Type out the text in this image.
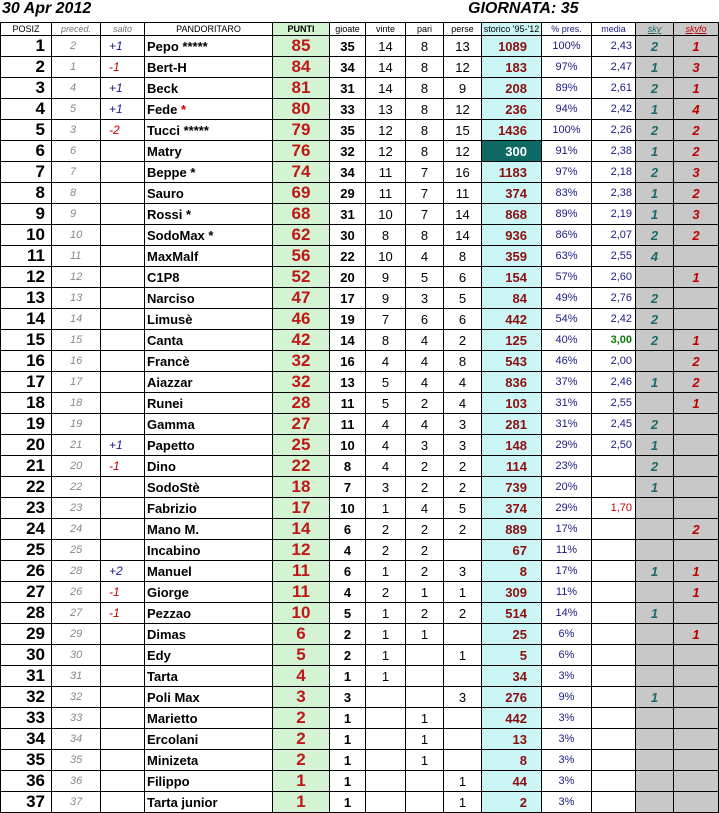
30 Apr 2012	GIORNATA: 35
POSIZ	preced.	salto	PANDORITARO	PUNTI	gioate	vinte	pari	perse	storico '95-'12	% pres.	media	sky	skyfo
1	2	+1	Pepo *****	85	35	14	8	13	1089	100%	2,43	2	1
2	1	-1	Bert-H	84	34	14	8	12	183	97%	2,47	1	3
3	4	+1	Beck	81	31	14	8	9	208	89%	2,61	2	1
4	5	+1	Fede *	80	33	13	8	12	236	94%	2,42	1	4
5	3	-2	Tucci *****	79	35	12	8	15	1436	100%	2,26	2	2
6	6		Matry	76	32	12	8	12	300	91%	2,38	1	2
7	7		Beppe *	74	34	11	7	16	1183	97%	2,18	2	3
8	8		Sauro	69	29	11	7	11	374	83%	2,38	1	2
9	9		Rossi *	68	31	10	7	14	868	89%	2,19	1	3
10	10		SodoMax *	62	30	8	8	14	936	86%	2,07	2	2
11	11		MaxMalf	56	22	10	4	8	359	63%	2,55	4	
12	12		C1P8	52	20	9	5	6	154	57%	2,60		1
13	13		Narciso	47	17	9	3	5	84	49%	2,76	2	
14	14		Limusè	46	19	7	6	6	442	54%	2,42	2	
15	15		Canta	42	14	8	4	2	125	40%	3,00	2	1
16	16		Francè	32	16	4	4	8	543	46%	2,00		2
17	17		Aiazzar	32	13	5	4	4	836	37%	2,46	1	2
18	18		Runei	28	11	5	2	4	103	31%	2,55		1
19	19		Gamma	27	11	4	4	3	281	31%	2,45	2	
20	21	+1	Papetto	25	10	4	3	3	148	29%	2,50	1	
21	20	-1	Dino	22	8	4	2	2	114	23%		2	
22	22		SodoStè	18	7	3	2	2	739	20%		1	
23	23		Fabrizio	17	10	1	4	5	374	29%	1,70		
24	24		Mano M.	14	6	2	2	2	889	17%			2
25	25		Incabino	12	4	2	2		67	11%			
26	28	+2	Manuel	11	6	1	2	3	8	17%		1	1
27	26	-1	Giorge	11	4	2	1	1	309	11%			1
28	27	-1	Pezzao	10	5	1	2	2	514	14%		1	
29	29		Dimas	6	2	1	1		25	6%			1
30	30		Edy	5	2	1		1	5	6%			
31	31		Tarta	4	1	1			34	3%			
32	32		Poli Max	3	3			3	276	9%		1	
33	33		Marietto	2	1		1		442	3%			
34	34		Ercolani	2	1		1		13	3%			
35	35		Minizeta	2	1		1		8	3%			
36	36		Filippo	1	1			1	44	3%			
37	37		Tarta junior	1	1			1	2	3%			
